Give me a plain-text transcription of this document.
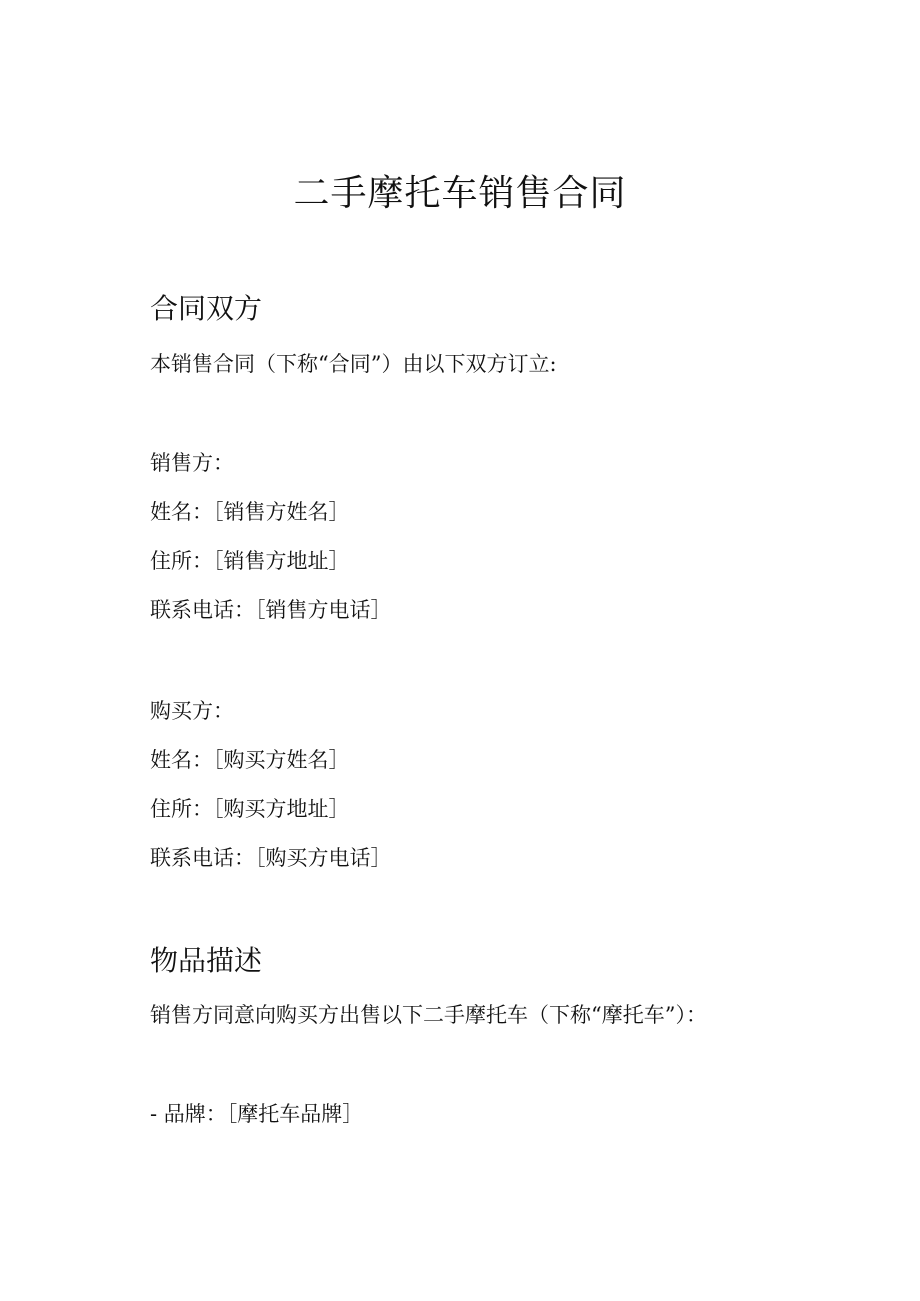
二手摩托车销售合同
合同双方

本销售合同（下称“合同”）由以下双方订立:

销售方：

姓名：［销售方姓名］

住所：［销售方地址］

联系电话：［销售方电话］

购买方：

姓名：［购买方姓名］

住所：［购买方地址］

联系电话：［购买方电话］

物品描述

销售方同意向购买方出售以下二手摩托车（下称“摩托车”）：

- 品牌：［摩托车品牌］
